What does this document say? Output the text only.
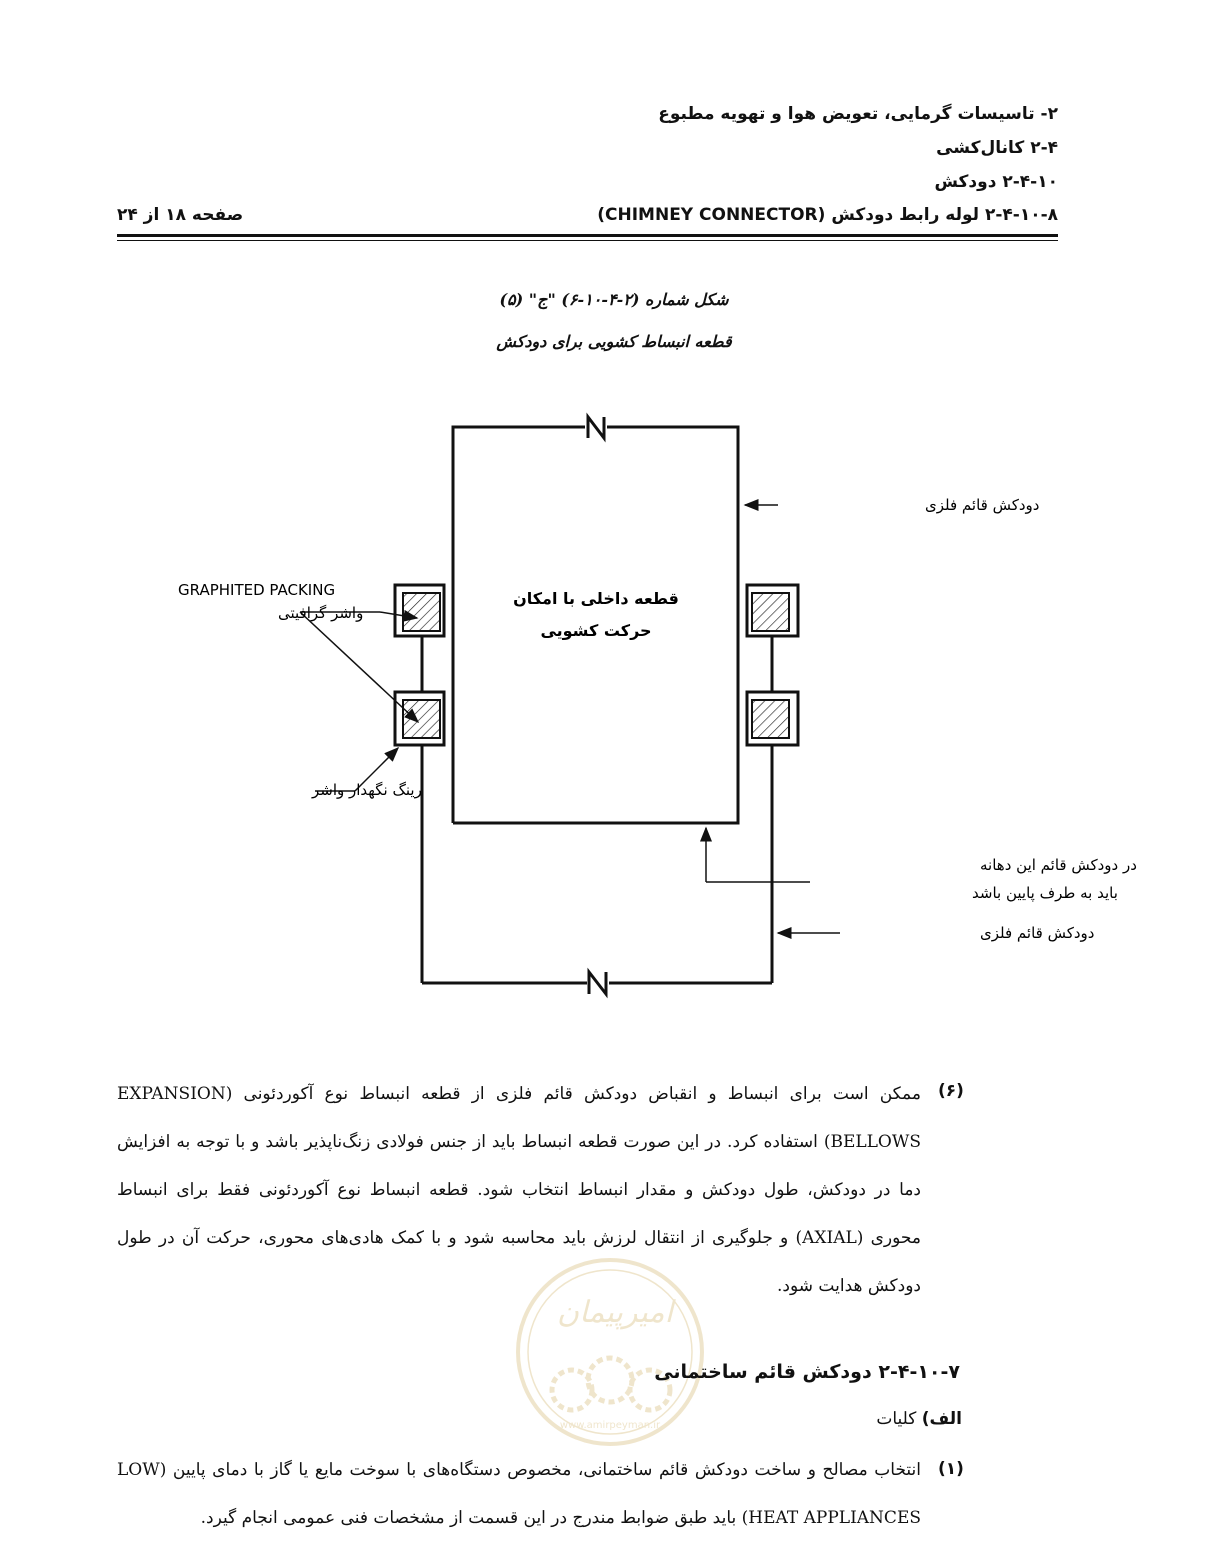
۲- تاسیسات گرمایی، تعویض هوا و تهویه مطبوع
۲-۴ کانال‌کشی
۲-۴-۱۰ دودکش
۲-۴-۱۰-۸ لوله رابط دودکش (CHIMNEY CONNECTOR)
صفحه ۱۸ از ۲۴
شکل شماره (۲-۴-۱۰-۶) "ج" (۵)
قطعه انبساط کشویی برای دودکش
دودکش قائم فلزی
GRAPHITED PACKING
واشر گرافیتی
قطعه داخلی با امکان
حرکت کشویی
رینگ نگهدار واشر
در دودکش قائم این دهانه
باید به طرف پایین باشد
دودکش قائم فلزی
امیرپیمان
www.amirpeyman.ir
(۶)
ممکن است برای انبساط و انقباض دودکش قائم فلزی از قطعه انبساط نوع آکوردئونی (EXPANSION BELLOWS) استفاده کرد. در این صورت قطعه انبساط باید از جنس فولادی زنگ‌ناپذیر باشد و با توجه به افزایش دما در دودکش، طول دودکش و مقدار انبساط انتخاب شود. قطعه انبساط نوع آکوردئونی فقط برای انبساط محوری (AXIAL) و جلوگیری از انتقال لرزش باید محاسبه شود و با کمک هادی‌های محوری، حرکت آن در طول دودکش هدایت شود.
۲-۴-۱۰-۷ دودکش قائم ساختمانی
الف) کلیات
(۱)
انتخاب مصالح و ساخت دودکش قائم ساختمانی، مخصوص دستگاه‌های با سوخت مایع یا گاز با دمای پایین (LOW HEAT APPLIANCES) باید طبق ضوابط مندرج در این قسمت از مشخصات فنی عمومی انجام گیرد.
